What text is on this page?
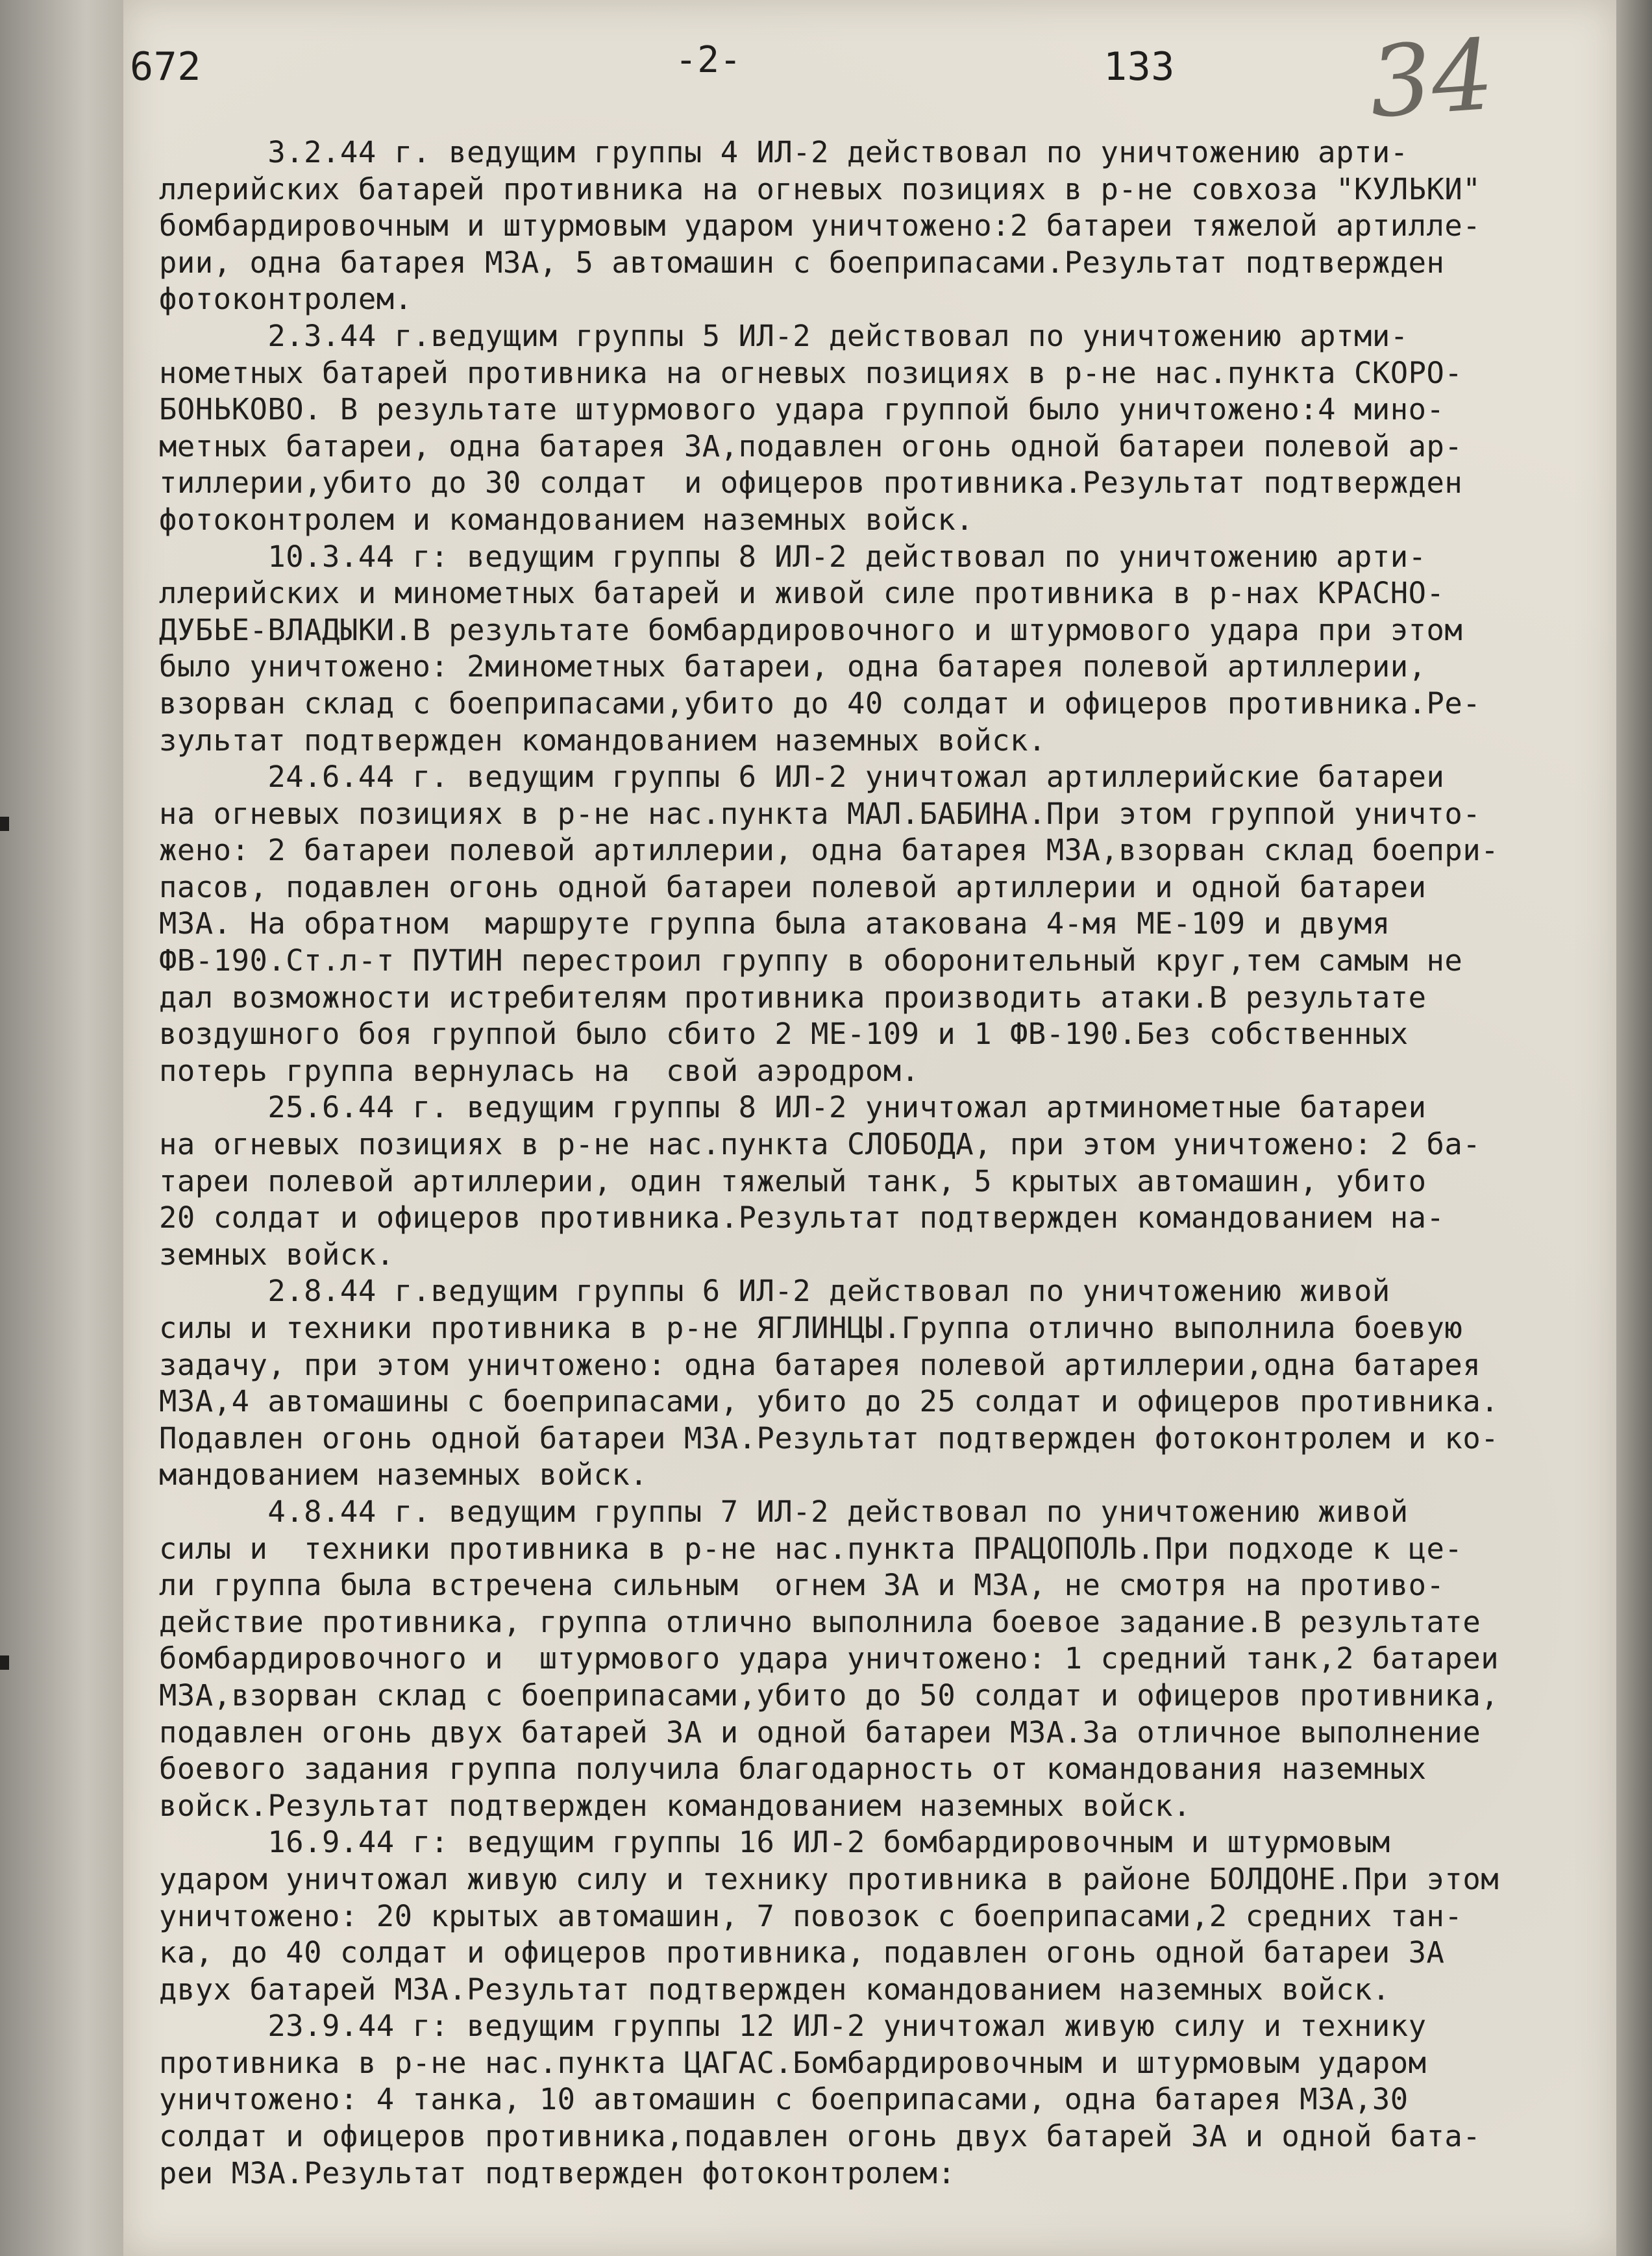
672	-2-	133 34
3.2.44 г. ведущим группы 4 ИЛ-2 действовал по уничтожению арти-
ллерийских батарей противника на огневых позициях в р-не совхоза "КУЛЬКИ"
бомбардировочным и штурмовым ударом уничтожено:2 батареи тяжелой артилле-
рии, одна батарея МЗА, 5 автомашин с боеприпасами.Результат подтвержден
фотоконтролем.
2.3.44 г.ведущим группы 5 ИЛ-2 действовал по уничтожению артми-
нометных батарей противника на огневых позициях в р-не нас.пункта СКОРО-
БОНЬКОВО. В результате штурмового удара группой было уничтожено:4 мино-
метных батареи, одна батарея ЗА,подавлен огонь одной батареи полевой ар-
тиллерии,убито до 30 солдат  и офицеров противника.Результат подтвержден
фотоконтролем и командованием наземных войск.
10.3.44 г: ведущим группы 8 ИЛ-2 действовал по уничтожению арти-
ллерийских и минометных батарей и живой силе противника в р-нах КРАСНО-
ДУБЬЕ-ВЛАДЫКИ.В результате бомбардировочного и штурмового удара при этом
было уничтожено: 2минометных батареи, одна батарея полевой артиллерии,
взорван склад с боеприпасами,убито до 40 солдат и офицеров противника.Ре-
зультат подтвержден командованием наземных войск.
24.6.44 г. ведущим группы 6 ИЛ-2 уничтожал артиллерийские батареи
на огневых позициях в р-не нас.пункта МАЛ.БАБИНА.При этом группой уничто-
жено: 2 батареи полевой артиллерии, одна батарея МЗА,взорван склад боепри-
пасов, подавлен огонь одной батареи полевой артиллерии и одной батареи
МЗА. На обратном  маршруте группа была атакована 4-мя МЕ-109 и двумя
ФВ-190.Ст.л-т ПУТИН перестроил группу в оборонительный круг,тем самым не
дал возможности истребителям противника производить атаки.В результате
воздушного боя группой было сбито 2 МЕ-109 и 1 ФВ-190.Без собственных
потерь группа вернулась на  свой аэродром.
25.6.44 г. ведущим группы 8 ИЛ-2 уничтожал артминометные батареи
на огневых позициях в р-не нас.пункта СЛОБОДА, при этом уничтожено: 2 ба-
тареи полевой артиллерии, один тяжелый танк, 5 крытых автомашин, убито
20 солдат и офицеров противника.Результат подтвержден командованием на-
земных войск.
2.8.44 г.ведущим группы 6 ИЛ-2 действовал по уничтожению живой
силы и техники противника в р-не ЯГЛИНЦЫ.Группа отлично выполнила боевую
задачу, при этом уничтожено: одна батарея полевой артиллерии,одна батарея
МЗА,4 автомашины с боеприпасами, убито до 25 солдат и офицеров противника.
Подавлен огонь одной батареи МЗА.Результат подтвержден фотоконтролем и ко-
мандованием наземных войск.
4.8.44 г. ведущим группы 7 ИЛ-2 действовал по уничтожению живой
силы и  техники противника в р-не нас.пункта ПРАЦОПОЛЬ.При подходе к це-
ли группа была встречена сильным  огнем ЗА и МЗА, не смотря на противо-
действие противника, группа отлично выполнила боевое задание.В результате
бомбардировочного и  штурмового удара уничтожено: 1 средний танк,2 батареи
МЗА,взорван склад с боеприпасами,убито до 50 солдат и офицеров противника,
подавлен огонь двух батарей ЗА и одной батареи МЗА.За отличное выполнение
боевого задания группа получила благодарность от командования наземных
войск.Результат подтвержден командованием наземных войск.
16.9.44 г: ведущим группы 16 ИЛ-2 бомбардировочным и штурмовым
ударом уничтожал живую силу и технику противника в районе БОЛДОНЕ.При этом
уничтожено: 20 крытых автомашин, 7 повозок с боеприпасами,2 средних тан-
ка, до 40 солдат и офицеров противника, подавлен огонь одной батареи ЗА
двух батарей МЗА.Результат подтвержден командованием наземных войск.
23.9.44 г: ведущим группы 12 ИЛ-2 уничтожал живую силу и технику
противника в р-не нас.пункта ЦАГАС.Бомбардировочным и штурмовым ударом
уничтожено: 4 танка, 10 автомашин с боеприпасами, одна батарея МЗА,30
солдат и офицеров противника,подавлен огонь двух батарей ЗА и одной бата-
реи МЗА.Результат подтвержден фотоконтролем:
